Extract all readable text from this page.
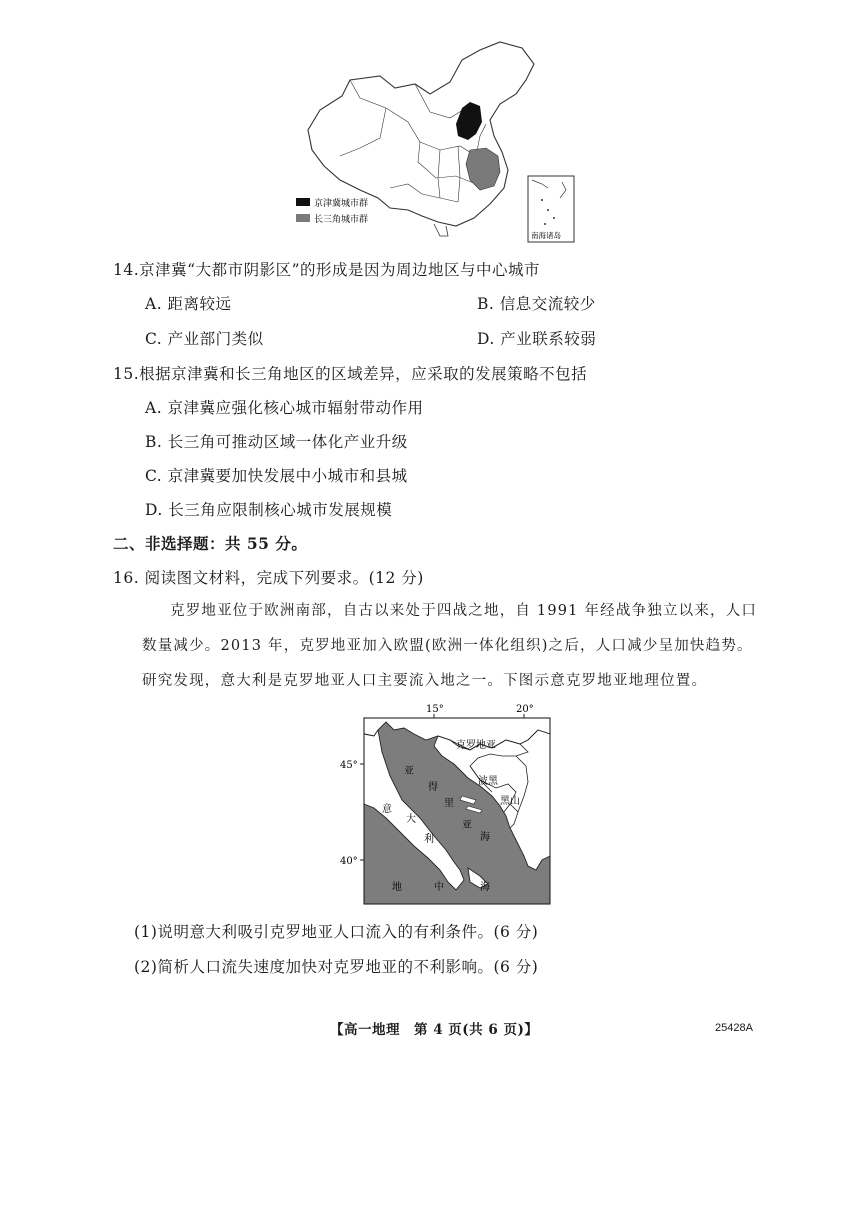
京津冀城市群
长三角城市群
南海诸岛
14.京津冀“大都市阴影区”的形成是因为周边地区与中心城市
A. 距离较远	B. 信息交流较少
C. 产业部门类似	D. 产业联系较弱
15.根据京津冀和长三角地区的区域差异，应采取的发展策略不包括
A. 京津冀应强化核心城市辐射带动作用
B. 长三角可推动区域一体化产业升级
C. 京津冀要加快发展中小城市和县城
D. 长三角应限制核心城市发展规模
二、非选择题：共 55 分。
16. 阅读图文材料，完成下列要求。(12 分)
克罗地亚位于欧洲南部，自古以来处于四战之地，自 1991 年经战争独立以来，人口数量减少。2013 年，克罗地亚加入欧盟(欧洲一体化组织)之后，人口减少呈加快趋势。研究发现，意大利是克罗地亚人口主要流入地之一。下图示意克罗地亚地理位置。
15°	20°
45°
40°
克罗地亚
波黑
黑山
意
大
利
亚
得
里
亚
海
地	中	海
(1)说明意大利吸引克罗地亚人口流入的有利条件。(6 分)
(2)简析人口流失速度加快对克罗地亚的不利影响。(6 分)
【高一地理　第 4 页(共 6 页)】	25428A
